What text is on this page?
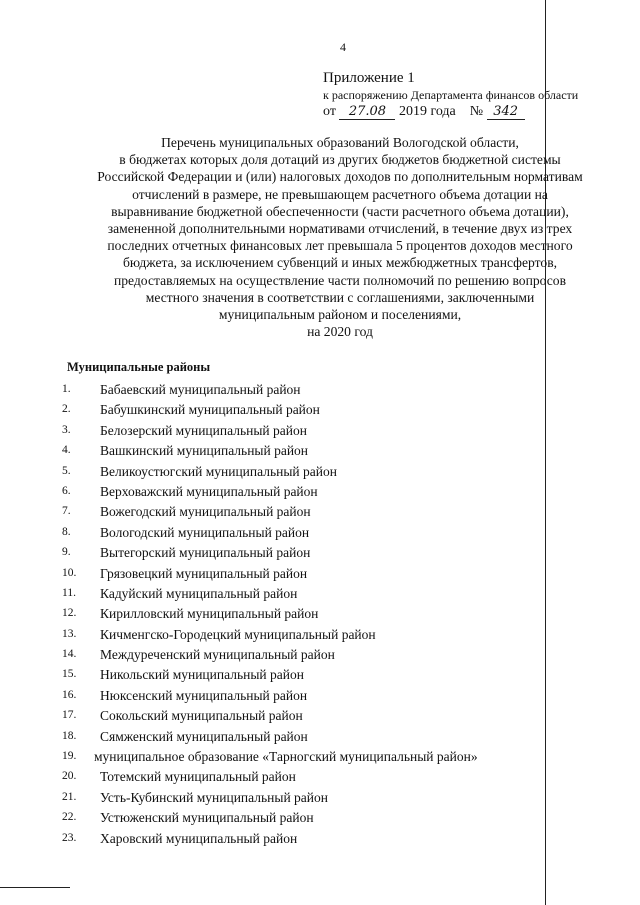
4
Приложение 1
к распоряжению Департамента финансов области
от 27.08 2019 года № 342
Перечень муниципальных образований Вологодской области,
в бюджетах которых доля дотаций из других бюджетов бюджетной системы
Российской Федерации и (или) налоговых доходов по дополнительным нормативам
отчислений в размере, не превышающем расчетного объема дотации на
выравнивание бюджетной обеспеченности (части расчетного объема дотации),
замененной дополнительными нормативами отчислений, в течение двух из трех
последних отчетных финансовых лет превышала 5 процентов доходов местного
бюджета, за исключением субвенций и иных межбюджетных трансфертов,
предоставляемых на осуществление части полномочий по решению вопросов
местного значения в соответствии с соглашениями, заключенными
муниципальным районом и поселениями,
на 2020 год
Муниципальные районы
1.	Бабаевский муниципальный район
2.	Бабушкинский муниципальный район
3.	Белозерский муниципальный район
4.	Вашкинский муниципальный район
5.	Великоустюгский муниципальный район
6.	Верховажский муниципальный район
7.	Вожегодский муниципальный район
8.	Вологодский муниципальный район
9.	Вытегорский муниципальный район
10.	Грязовецкий муниципальный район
11.	Кадуйский муниципальный район
12.	Кирилловский муниципальный район
13.	Кичменгско-Городецкий муниципальный район
14.	Междуреченский муниципальный район
15.	Никольский муниципальный район
16.	Нюксенский муниципальный район
17.	Сокольский муниципальный район
18.	Сямженский муниципальный район
19.	муниципальное образование «Тарногский муниципальный район»
20.	Тотемский муниципальный район
21.	Усть-Кубинский муниципальный район
22.	Устюженский муниципальный район
23.	Харовский муниципальный район
